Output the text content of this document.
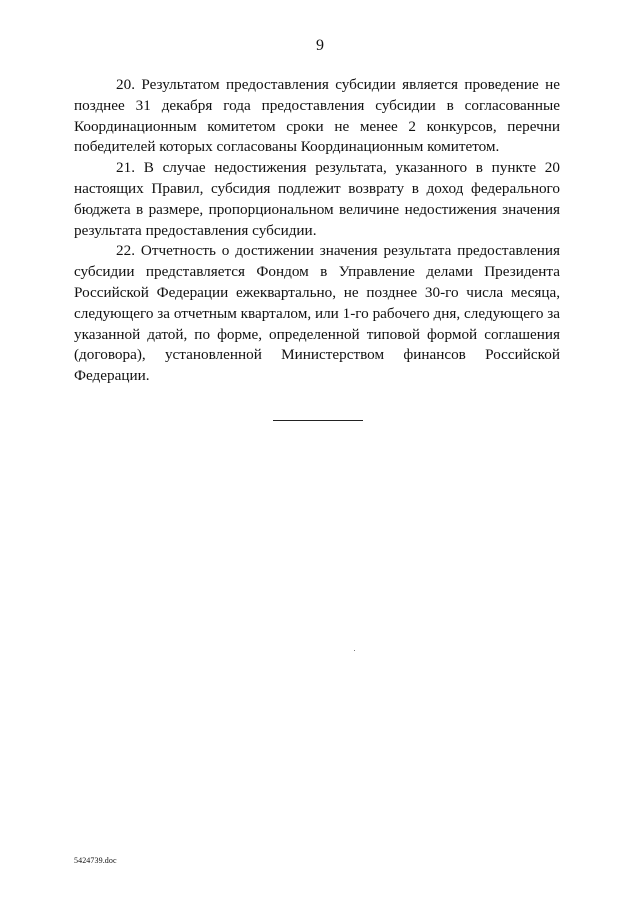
9

20. Результатом предоставления субсидии является проведение не позднее 31 декабря года предоставления субсидии в согласованные Координационным комитетом сроки не менее 2 конкурсов, перечни победителей которых согласованы Координационным комитетом.

21. В случае недостижения результата, указанного в пункте 20 настоящих Правил, субсидия подлежит возврату в доход федерального бюджета в размере, пропорциональном величине недостижения значения результата предоставления субсидии.

22. Отчетность о достижении значения результата предоставления субсидии представляется Фондом в Управление делами Президента Российской Федерации ежеквартально, не позднее 30-го числа месяца, следующего за отчетным кварталом, или 1-го рабочего дня, следующего за указанной датой, по форме, определенной типовой формой соглашения (договора), установленной Министерством финансов Российской Федерации.

5424739.doc
